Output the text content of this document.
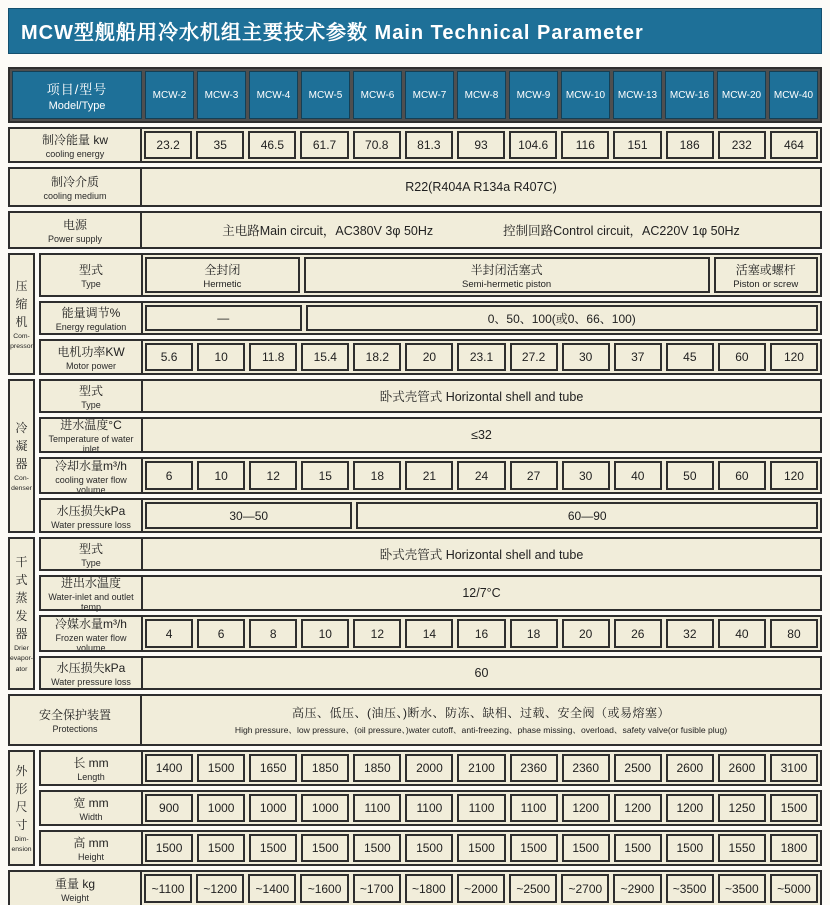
MCW型舰船用冷水机组主要技术参数 Main Technical Parameter
项目/型号
Model/Type
MCW-2	MCW-3	MCW-4	MCW-5	MCW-6	MCW-7	MCW-8	MCW-9	MCW-10	MCW-13	MCW-16	MCW-20	MCW-40
制冷能量 kw
cooling energy
23.2	35	46.5	61.7	70.8	81.3	93	104.6	116	151	186	232	464
制冷介质
cooling medium
R22(R404A R134a R407C)
电源
Power supply
主电路Main circuit，AC380V 3φ 50Hz	控制回路Control circuit，AC220V 1φ 50Hz
压缩机
Com-
pressor
型式
Type
全封闭
Hermetic
半封闭活塞式
Semi-hermetic piston
活塞或螺杆
Piston or screw
能量调节%
Energy regulation
—	0、50、100(或0、66、100)
电机功率KW
Motor power
5.6	10	11.8	15.4	18.2	20	23.1	27.2	30	37	45	60	120
冷凝器
Con-
denser
型式
Type
卧式壳管式 Horizontal shell and tube
进水温度°C
Temperature of water inlet
≤32
冷却水量m³/h
cooling water flow volume
6	10	12	15	18	21	24	27	30	40	50	60	120
水压损失kPa
Water pressure loss
30—50	60—90
干式蒸发器
Drier
evapor-
ator
型式
Type
卧式壳管式 Horizontal shell and tube
进出水温度
Water-inlet and outlet temp
12/7°C
冷媒水量m³/h
Frozen water flow volume
4	6	8	10	12	14	16	18	20	26	32	40	80
水压损失kPa
Water pressure loss
60
安全保护装置
Protections
高压、低压、(油压、)断水、防冻、缺相、过载、安全阀（或易熔塞）
High pressure、low pressure、(oil pressure、)water cutoff、anti-freezing、phase missing、overload、safety valve(or fusible plug)
外形尺寸
Dim-
ension
长 mm
Length
1400	1500	1650	1850	1850	2000	2100	2360	2360	2500	2600	2600	3100
宽 mm
Width
900	1000	1000	1000	1100	1100	1100	1100	1200	1200	1200	1250	1500
高 mm
Height
1500	1500	1500	1500	1500	1500	1500	1500	1500	1500	1500	1550	1800
重量 kg
Weight
~1100	~1200	~1400	~1600	~1700	~1800	~2000	~2500	~2700	~2900	~3500	~3500	~5000
